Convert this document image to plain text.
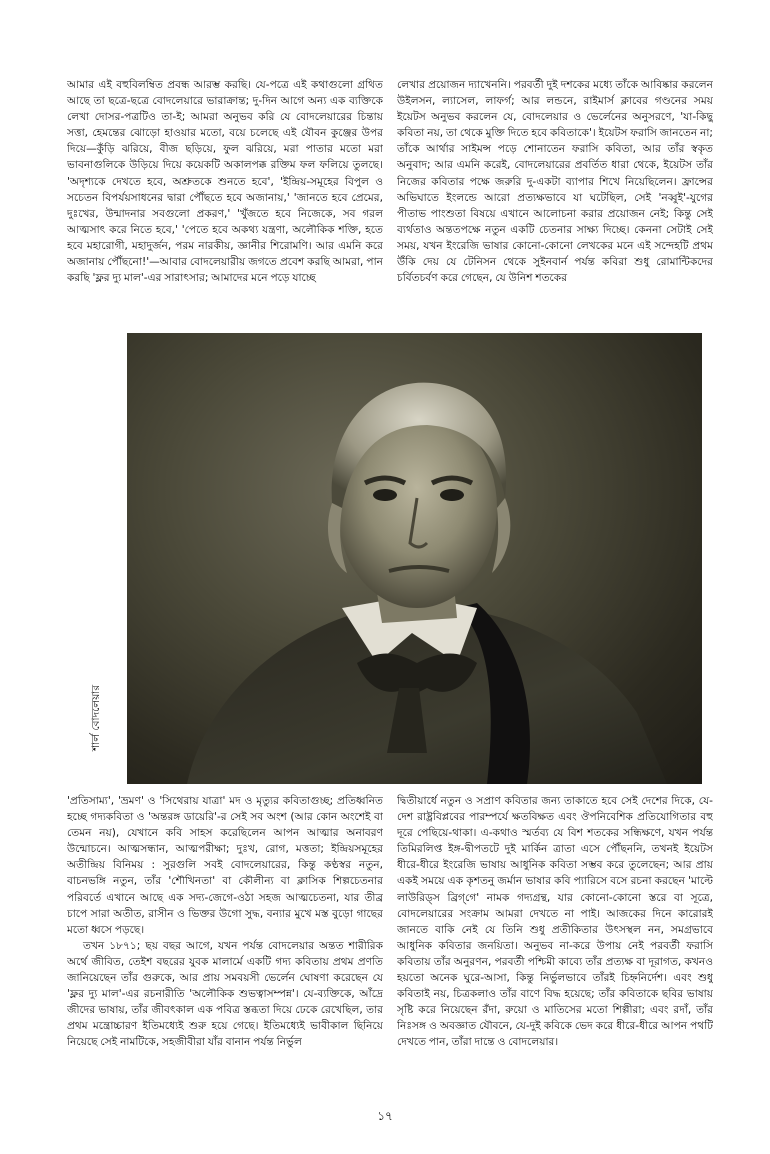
আমার এই বহুবিলম্বিত প্রবন্ধ আরম্ভ করছি। যে-পত্রে এই কথাগুলো গ্রথিত আছে তা ছত্রে-ছত্রে বোদলেয়ারে ভারাক্রান্ত; দু-দিন আগে অন্য এক ব্যক্তিকে লেখা দোসর-পত্রটিও তা-ই; আমরা অনুভব করি যে বোদলেয়ারের চিন্তায় সত্তা, হেমন্তের ঝোড়ো হাওয়ার মতো, বয়ে চলেছে এই যৌবন কুঞ্জের উপর দিয়ে—কুঁড়ি ঝরিয়ে, বীজ ছড়িয়ে, ফুল ঝরিয়ে, মরা পাতার মতো মরা ভাবনাগুলিকে উড়িয়ে দিয়ে কয়েকটি অকালপক্ক রক্তিম ফল ফলিয়ে তুলছে। 'অদৃশ্যকে দেখতে হবে, অশ্রুতকে শুনতে হবে', 'ইন্দ্রিয়-সমূহের বিপুল ও সচেতন বিপর্যয়সাধনের দ্বারা পৌঁছতে হবে অজানায়,' 'জানতে হবে প্রেমের, দুঃখের, উন্মাদনার সবগুলো প্রকরণ,' 'খুঁজতে হবে নিজেকে, সব গরল আত্মসাৎ করে নিতে হবে,' 'পেতে হবে অকথ্য যন্ত্রণা, অলৌকিক শক্তি, হতে হবে মহারোগী, মহাদুর্জন, পরম নারকীয়, জ্ঞানীর শিরোমণি। আর এমনি করে অজানায় পৌঁছনো!'—আবার বোদলেয়ারীয় জগতে প্রবেশ করছি আমরা, পান করছি 'ফ্লর দ্যু মাল'-এর সারাৎসার; আমাদের মনে পড়ে যাচ্ছে

লেখার প্রয়োজন দ্যাখেননি। পরবর্তী দুই দশকের মধ্যে তাঁকে আবিষ্কার করলেন উইলসন, ল্যাসেল, লাফর্গ; আর লন্ডনে, রাইমার্স ক্লাবের গণ্ডনের সময় ইয়েটস অনুভব করলেন যে, বোদলেয়ার ও ভের্লেনের অনুসরণে, 'যা-কিছু কবিতা নয়, তা থেকে মুক্তি দিতে হবে কবিতাকে'। ইয়েটস ফরাসি জানতেন না; তাঁকে আর্থার সাইমন্স পড়ে শোনাতেন ফরাসি কবিতা, আর তাঁর স্বকৃত অনুবাদ; আর এমনি করেই, বোদলেয়ারের প্রবর্তিত ধারা থেকে, ইয়েটস তাঁর নিজের কবিতার পক্ষে জরুরি দু-একটা ব্যাপার শিখে নিয়েছিলেন। ফ্রান্সের অভিঘাতে ইংলন্ডে আরো প্রত্যক্ষভাবে যা ঘটেছিল, সেই 'নব্বুই'-যুগের পীতাভ পাংশুতা বিষয়ে এখানে আলোচনা করার প্রয়োজন নেই; কিন্তু সেই ব্যর্থতাও অন্ততপক্ষে নতুন একটি চেতনার সাক্ষ্য দিচ্ছে। কেননা সেটাই সেই সময়, যখন ইংরেজি ভাষার কোনো-কোনো লেখকের মনে এই সন্দেহটি প্রথম উঁকি দেয় যে টেনিসন থেকে সুইনবার্ন পর্যন্ত কবিরা শুধু রোমান্টিকদের চর্বিতচর্বণ করে গেছেন, যে উনিশ শতকের

শার্ল বোদলেয়ার

'প্রতিসাম্য', 'ভ্রমণ' ও 'সিথেরায় যাত্রা' মদ ও মৃত্যুর কবিতাগুচ্ছ; প্রতিধ্বনিত হচ্ছে গদ্যকবিতা ও 'অন্তরঙ্গ ডায়েরি'-র সেই সব অংশ (আর কোন অংশেই বা তেমন নয়), যেখানে কবি সাহস করেছিলেন আপন আত্মার অনাবরণ উন্মোচনে। আত্মসন্ধান, আত্মপরীক্ষা; দুঃখ, রোগ, মত্ততা; ইন্দ্রিয়সমূহের অতীন্দ্রিয় বিনিময় : সুরগুলি সবই বোদলেয়ারের, কিন্তু কণ্ঠস্বর নতুন, বাচনভঙ্গি নতুন, তাঁর 'শৌখিনতা' বা কৌলীন্য বা ক্লাসিক শিল্পচেতনার পরিবর্তে এখানে আছে এক সদ্য-জেগে-ওঠা সহজ আত্মচেতনা, যার তীব্র চাপে সারা অতীত, রাসীন ও ভিক্তর উগো সুদ্ধ, বন্যার মুখে মস্ত বুড়ো গাছের মতো ধ্বসে পড়ছে।

তখন ১৮৭১; ছয় বছর আগে, যখন পর্যন্ত বোদলেয়ার অন্তত শারীরিক অর্থে জীবিত, তেইশ বছরের যুবক মালার্মে একটি গদ্য কবিতায় প্রথম প্রণতি জানিয়েছেন তাঁর গুরুকে, আর প্রায় সমবয়সী ভের্লেন ঘোষণা করেছেন যে 'ফ্লর দ্যু মাল'-এর রচনারীতি 'অলৌকিক শুভত্বাসম্পন্ন'। যে-ব্যক্তিকে, আঁদ্রে জীদের ভাষায়, তাঁর জীবৎকাল এক পবিত্র স্তব্ধতা দিয়ে ঢেকে রেখেছিল, তার প্রথম মন্ত্রোচ্চারণ ইতিমধ্যেই শুরু হয়ে গেছে। ইতিমধ্যেই ভাবীকাল ছিনিয়ে নিয়েছে সেই নামটিকে, সহজীবীরা যাঁর বানান পর্যন্ত নির্ভুল

দ্বিতীয়ার্ধে নতুন ও সপ্রাণ কবিতার জন্য তাকাতে হবে সেই দেশের দিকে, যে-দেশ রাষ্ট্রবিপ্লবের পারম্পর্যে ক্ষতবিক্ষত এবং ঔপনিবেশিক প্রতিযোগিতার বহু দূরে পেছিয়ে-থাকা। এ-কথাও স্মর্তব্য যে বিশ শতকের সন্ধিক্ষণে, যখন পর্যন্ত তিমিরলিপ্ত ইঙ্গ-দ্বীপতটে দুই মার্কিন ত্রাতা এসে পৌঁছননি, তখনই ইয়েটস ধীরে-ধীরে ইংরেজি ভাষায় আধুনিক কবিতা সম্ভব করে তুলেছেন; আর প্রায় একই সময়ে এক কৃশতনু জর্মান ভাষার কবি প্যারিসে বসে রচনা করছেন 'মাল্টে লাউরিড্‌স ব্রিগ্‌গে' নামক গদ্যগ্রন্থ, যার কোনো-কোনো স্তরে বা সূত্রে, বোদলেয়ারের সংক্রাম আমরা দেখতে না পাই। আজকের দিনে কারোরই জানতে বাকি নেই যে তিনি শুধু প্রতীকিতার উৎসস্থল নন, সমগ্রভাবে আধুনিক কবিতার জনয়িতা। অনুভব না-করে উপায় নেই পরবর্তী ফরাসি কবিতায় তাঁর অনুরণন, পরবর্তী পশ্চিমী কাব্যে তাঁর প্রত্যক্ষ বা দূরাগত, কখনও হয়তো অনেক ঘুরে-আসা, কিন্তু নির্ভুলভাবে তাঁরই চিহ্ননির্দেশ। এবং শুধু কবিতাই নয়, চিত্রকলাও তাঁর বাণে বিদ্ধ হয়েছে; তাঁর কবিতাকে ছবির ভাষায় সৃষ্টি করে নিয়েছেন রঁদা, রুয়ো ও মাতিসের মতো শিল্পীরা; এবং রদাঁ, তাঁর নিঃসঙ্গ ও অবজ্ঞাত যৌবনে, যে-দুই কবিকে ভেদ করে ধীরে-ধীরে আপন পথটি দেখতে পান, তাঁরা দান্তে ও বোদলেয়ার।

১৭
